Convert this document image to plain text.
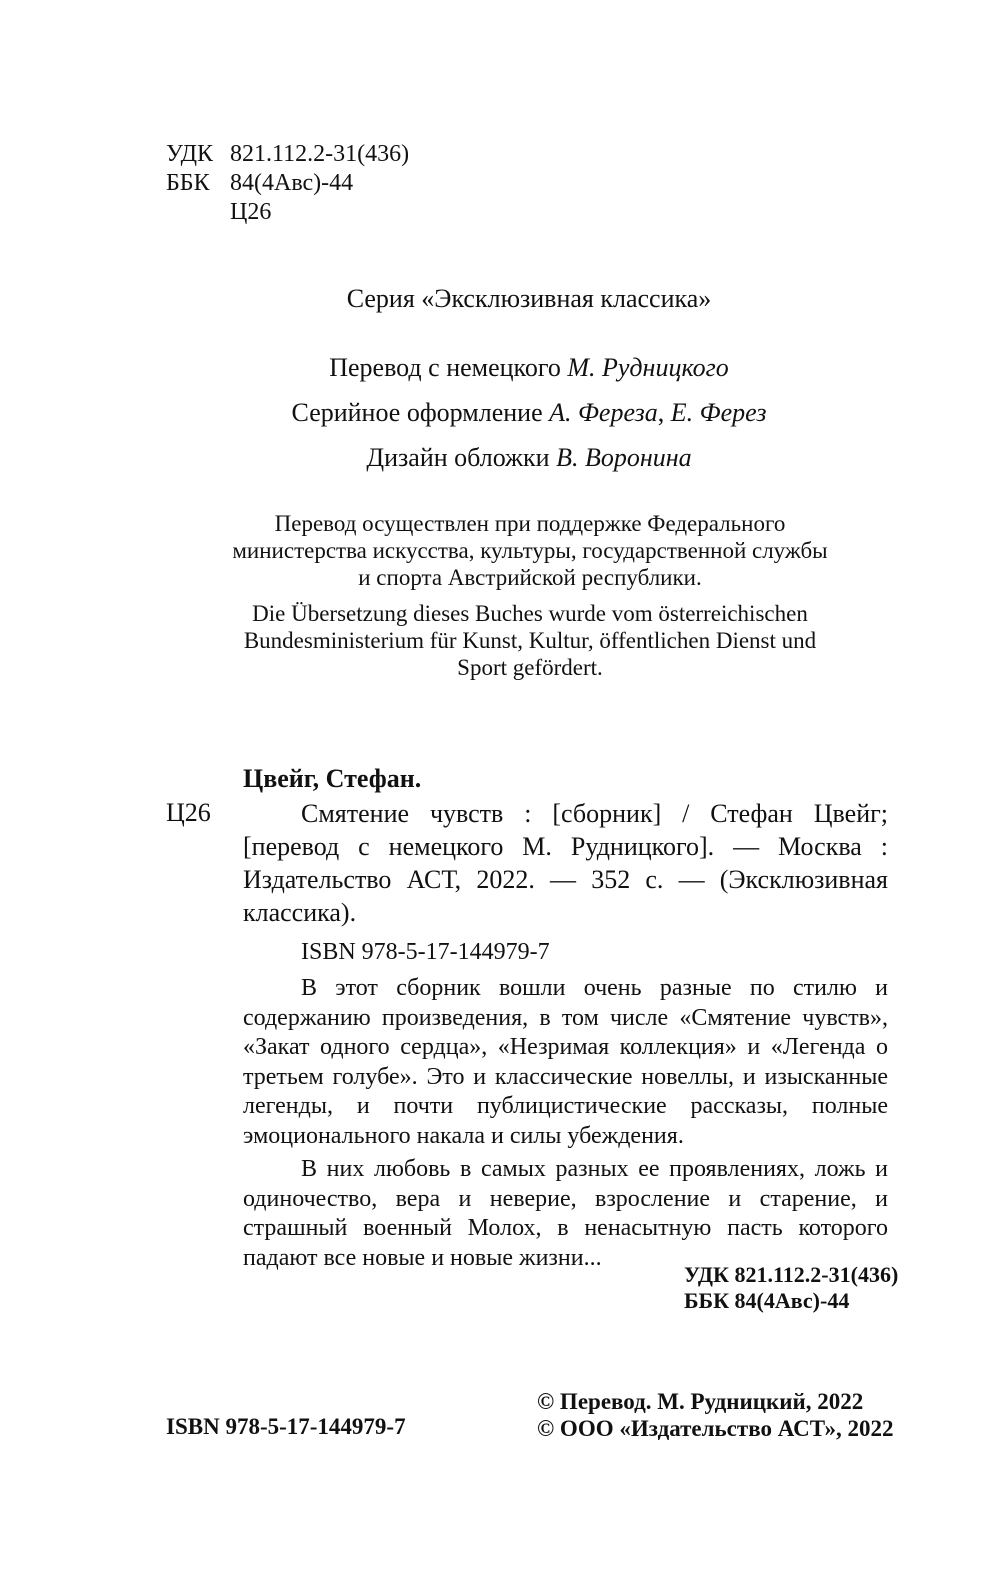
УДК 821.112.2-31(436)
ББК 84(4Авс)-44
Ц26
Серия «Эксклюзивная классика»
Перевод с немецкого М. Рудницкого
Серийное оформление А. Фереза, Е. Ферез
Дизайн обложки В. Воронина
Перевод осуществлен при поддержке Федерального
министерства искусства, культуры, государственной службы
и спорта Австрийской республики.
Die Übersetzung dieses Buches wurde vom österreichischen
Bundesministerium für Kunst, Kultur, öffentlichen Dienst und
Sport gefördert.
Цвейг, Стефан.
Ц26	Смятение чувств : [сборник] / Стефан Цвейг; [перевод с немецкого М. Рудницкого]. — Москва : Издательство АСТ, 2022. — 352 с. — (Эксклюзивная классика).

ISBN 978-5-17-144979-7

В этот сборник вошли очень разные по стилю и содержанию произведения, в том числе «Смятение чувств», «Закат одного сердца», «Незримая коллекция» и «Легенда о третьем голубе». Это и классические новеллы, и изысканные легенды, и почти публицистические рассказы, полные эмоционального накала и силы убеждения.

В них любовь в самых разных ее проявлениях, ложь и одиночество, вера и неверие, взросление и старение, и страшный военный Молох, в ненасытную пасть которого падают все новые и новые жизни...

УДК 821.112.2-31(436)
ББК 84(4Авс)-44
ISBN 978-5-17-144979-7
© Перевод. М. Рудницкий, 2022
© ООО «Издательство АСТ», 2022
